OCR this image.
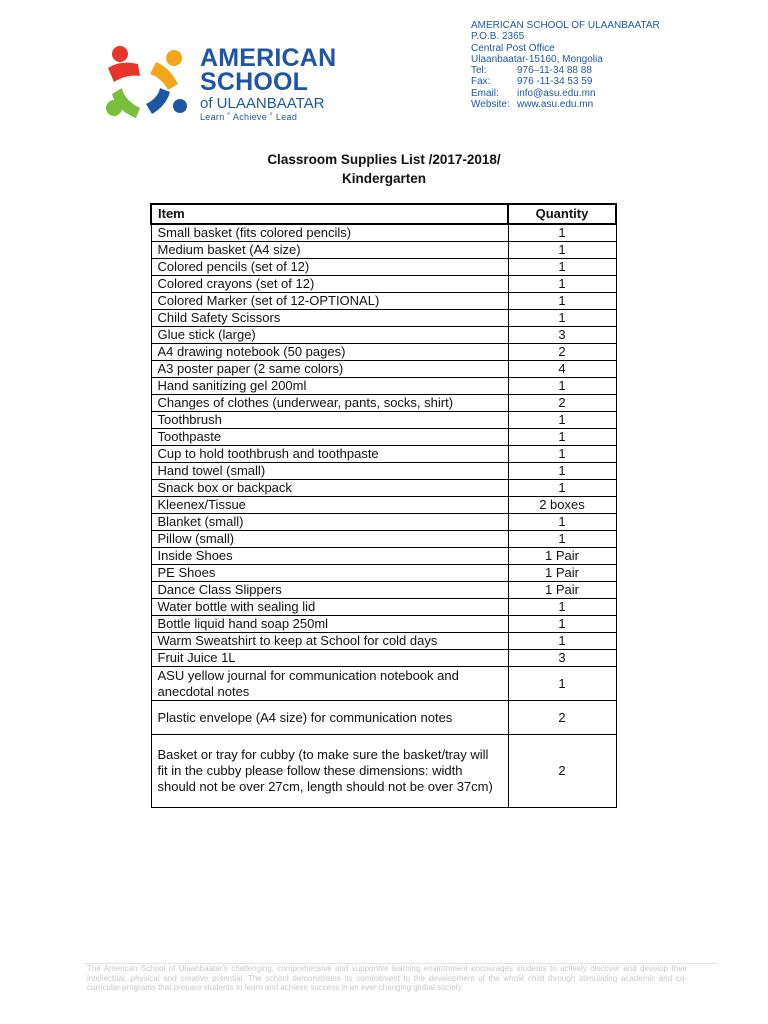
AMERICAN
SCHOOL
of ULAANBAATAR
Learn ˚ Achieve ˚ Lead
AMERICAN SCHOOL OF ULAANBAATAR
P.O.B. 2365
Central Post Office
Ulaanbaatar-15160, Mongolia
Tel:	976–11-34 88 88
Fax:	976 -11-34 53 59
Email: info@asu.edu.mn
Website: www.asu.edu.mn
Classroom Supplies List /2017-2018/
Kindergarten
Item	Quantity
Small basket (fits colored pencils)	1
Medium basket (A4 size)	1
Colored pencils (set of 12)	1
Colored crayons (set of 12)	1
Colored Marker (set of 12-OPTIONAL)	1
Child Safety Scissors	1
Glue stick (large)	3
A4 drawing notebook (50 pages)	2
A3 poster paper (2 same colors)	4
Hand sanitizing gel 200ml	1
Changes of clothes (underwear, pants, socks, shirt)	2
Toothbrush	1
Toothpaste	1
Cup to hold toothbrush and toothpaste	1
Hand towel (small)	1
Snack box or backpack	1
Kleenex/Tissue	2 boxes
Blanket (small)	1
Pillow (small)	1
Inside Shoes	1 Pair
PE Shoes	1 Pair
Dance Class Slippers	1 Pair
Water bottle with sealing lid	1
Bottle liquid hand soap 250ml	1
Warm Sweatshirt to keep at School for cold days	1
Fruit Juice 1L	3
ASU yellow journal for communication notebook and anecdotal notes	1
Plastic envelope (A4 size) for communication notes	2
Basket or tray for cubby (to make sure the basket/tray will fit in the cubby please follow these dimensions: width should not be over 27cm, length should not be over 37cm)	2
The American School of Ulaanbaatar's challenging, comprehensive and supportive learning environment encourages students to actively discover and develop their intellectual, physical and creative potential. The school demonstrates its commitment to the development of the whole child through stimulating academic and co-curricular programs that prepare students to learn and achieve success in an ever changing global society.
